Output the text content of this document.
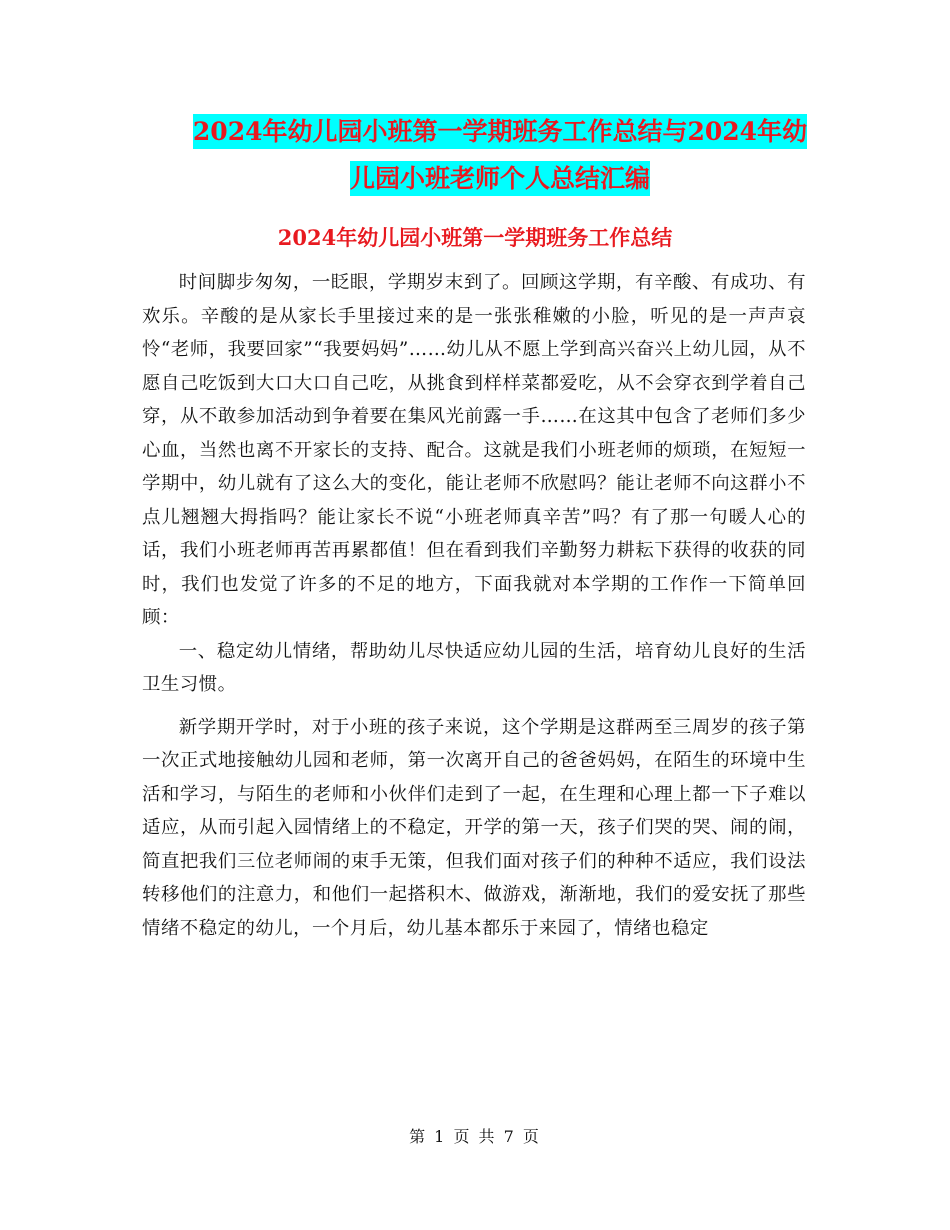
2024年幼儿园小班第一学期班务工作总结与2024年幼
儿园小班老师个人总结汇编
2024年幼儿园小班第一学期班务工作总结

时间脚步匆匆，一眨眼，学期岁末到了。回顾这学期，有辛酸、有成功、有欢乐。辛酸的是从家长手里接过来的是一张张稚嫩的小脸，听见的是一声声哀怜“老师，我要回家”“我要妈妈”……幼儿从不愿上学到高兴奋兴上幼儿园，从不愿自己吃饭到大口大口自己吃，从挑食到样样菜都爱吃，从不会穿衣到学着自己穿，从不敢参加活动到争着要在集风光前露一手……在这其中包含了老师们多少心血，当然也离不开家长的支持、配合。这就是我们小班老师的烦琐，在短短一学期中，幼儿就有了这么大的变化，能让老师不欣慰吗？能让老师不向这群小不点儿翘翘大拇指吗？能让家长不说“小班老师真辛苦”吗？有了那一句暖人心的话，我们小班老师再苦再累都值！但在看到我们辛勤努力耕耘下获得的收获的同时，我们也发觉了许多的不足的地方，下面我就对本学期的工作作一下简单回顾：

一、稳定幼儿情绪，帮助幼儿尽快适应幼儿园的生活，培育幼儿良好的生活卫生习惯。

新学期开学时，对于小班的孩子来说，这个学期是这群两至三周岁的孩子第一次正式地接触幼儿园和老师，第一次离开自己的爸爸妈妈，在陌生的环境中生活和学习，与陌生的老师和小伙伴们走到了一起，在生理和心理上都一下子难以适应，从而引起入园情绪上的不稳定，开学的第一天，孩子们哭的哭、闹的闹，简直把我们三位老师闹的束手无策，但我们面对孩子们的种种不适应，我们设法转移他们的注意力，和他们一起搭积木、做游戏，渐渐地，我们的爱安抚了那些情绪不稳定的幼儿，一个月后，幼儿基本都乐于来园了，情绪也稳定

第 1 页 共 7 页
